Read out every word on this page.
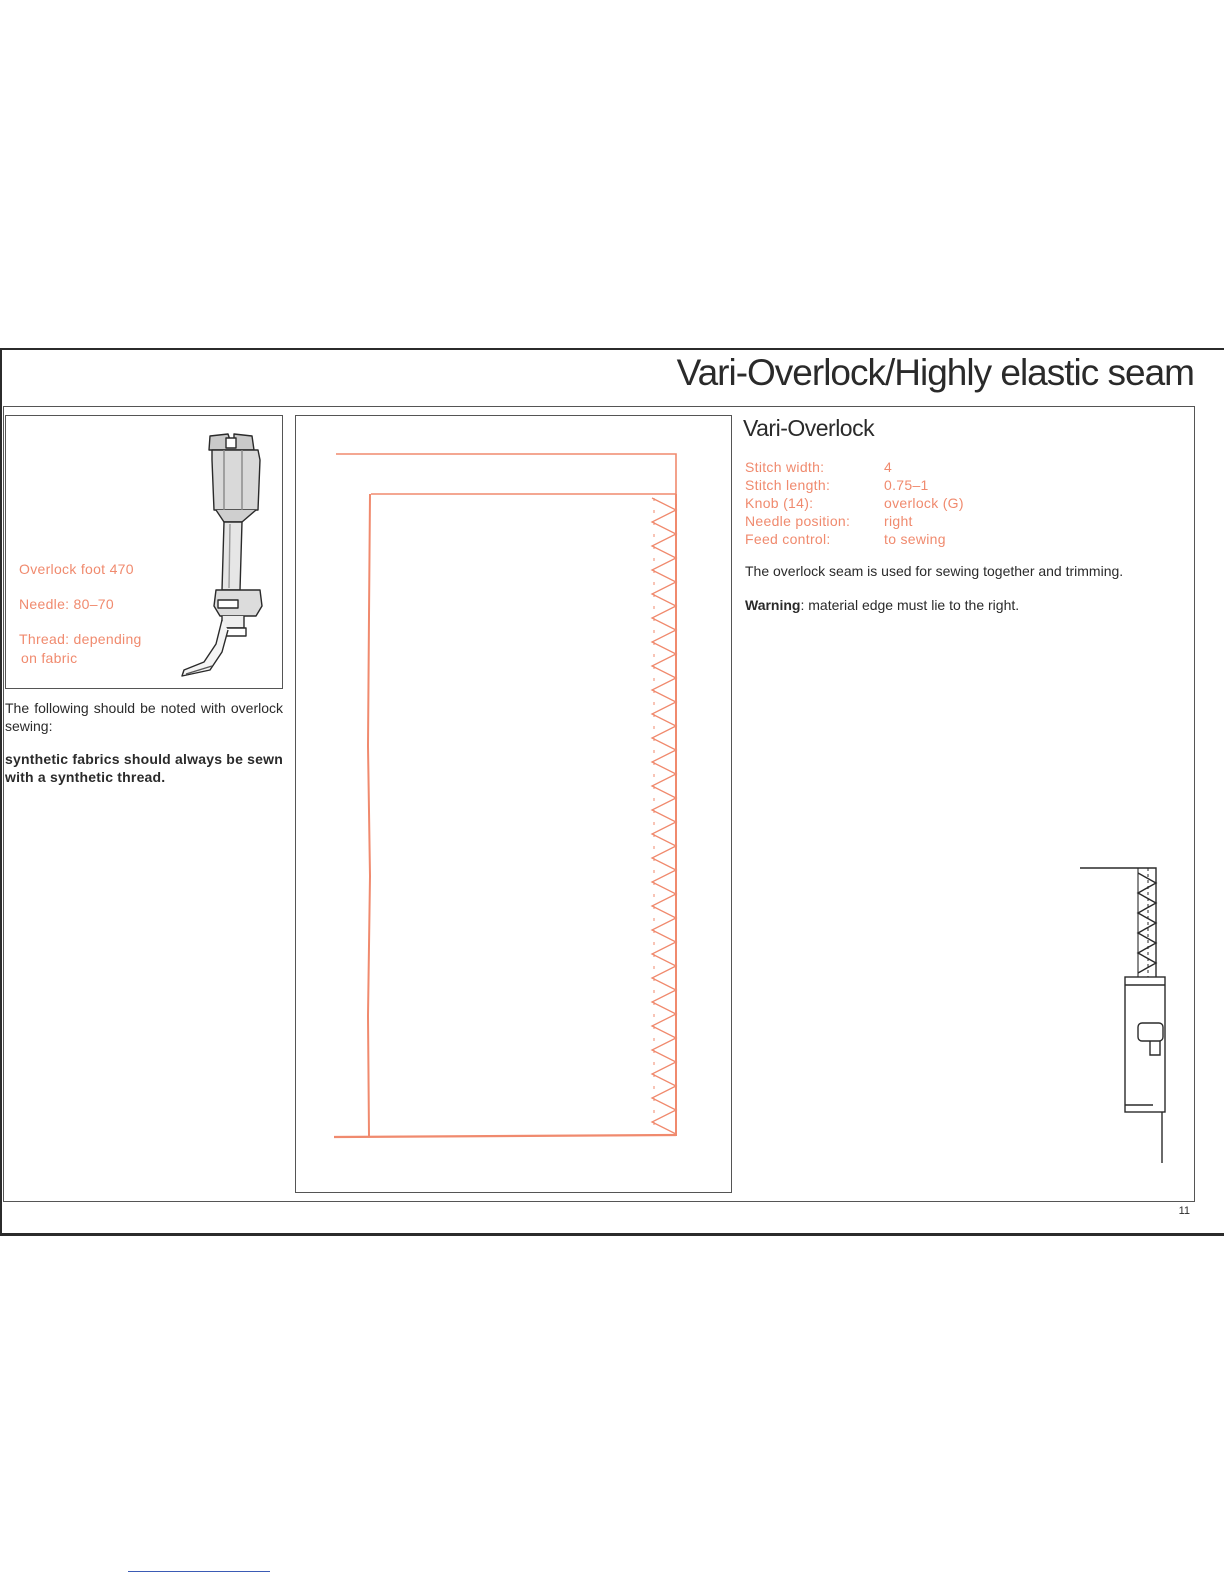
Vari-Overlock/Highly elastic seam
Overlock foot 470
Needle: 80–70
Thread: depending
on fabric

The following should be noted with overlock sewing:

synthetic fabrics should always be sewn with a synthetic thread.

Vari-Overlock
Stitch width:	4
Stitch length:	0.75–1
Knob (14):	overlock (G)
Needle position:	right
Feed control:	to sewing

The overlock seam is used for sewing together and trimming.

Warning: material edge must lie to the right.

11
